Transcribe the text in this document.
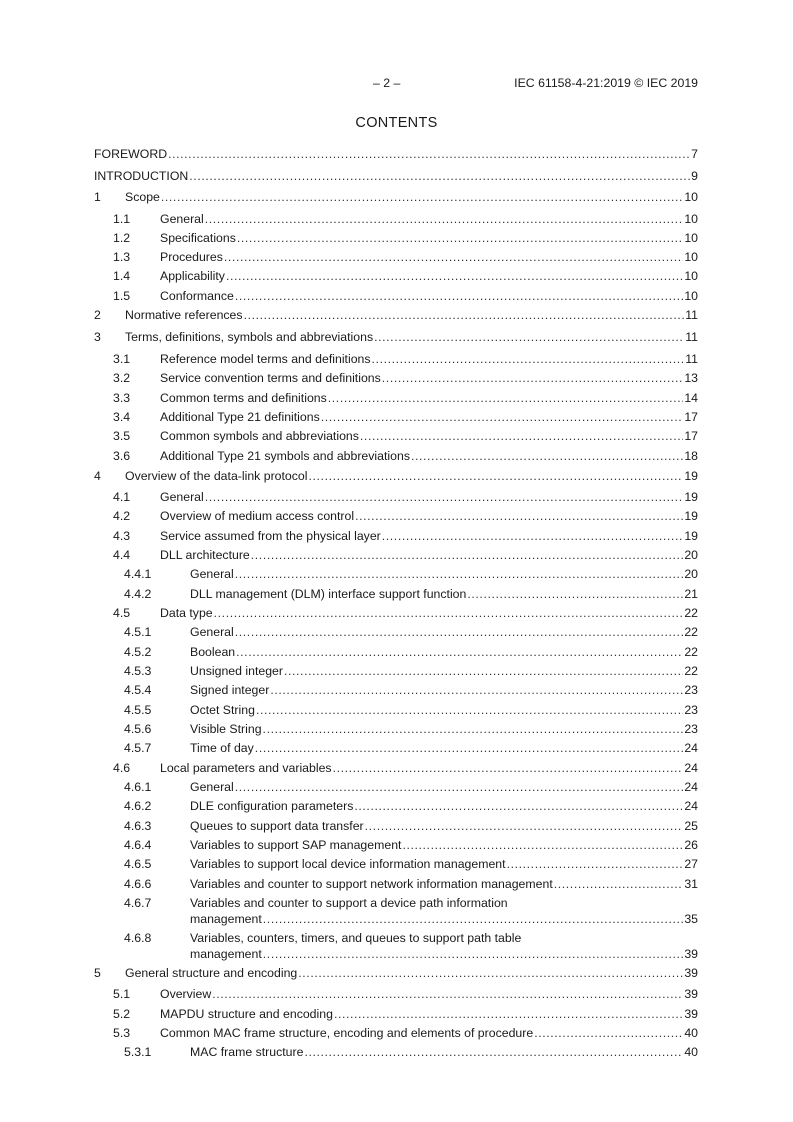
– 2 –	IEC 61158-4-21:2019 © IEC 2019
CONTENTS
FOREWORD .....	7
INTRODUCTION .....	9
1 Scope .....	10
1.1 General .....	10
1.2 Specifications .....	10
1.3 Procedures .....	10
1.4 Applicability .....	10
1.5 Conformance .....	10
2 Normative references .....	11
3 Terms, definitions, symbols and abbreviations .....	11
3.1 Reference model terms and definitions .....	11
3.2 Service convention terms and definitions .....	13
3.3 Common terms and definitions .....	14
3.4 Additional Type 21 definitions .....	17
3.5 Common symbols and abbreviations .....	17
3.6 Additional Type 21 symbols and abbreviations .....	18
4 Overview of the data-link protocol .....	19
4.1 General .....	19
4.2 Overview of medium access control .....	19
4.3 Service assumed from the physical layer .....	19
4.4 DLL architecture .....	20
4.4.1	General .....	20
4.4.2	DLL management (DLM) interface support function .....	21
4.5 Data type .....	22
4.5.1	General .....	22
4.5.2	Boolean .....	22
4.5.3	Unsigned integer .....	22
4.5.4	Signed integer .....	23
4.5.5	Octet String .....	23
4.5.6	Visible String .....	23
4.5.7	Time of day .....	24
4.6 Local parameters and variables .....	24
4.6.1	General .....	24
4.6.2	DLE configuration parameters .....	24
4.6.3	Queues to support data transfer .....	25
4.6.4	Variables to support SAP management .....	26
4.6.5	Variables to support local device information management .....	27
4.6.6	Variables and counter to support network information management .....	31
4.6.7	Variables and counter to support a device path information
management .....	35
4.6.8	Variables, counters, timers, and queues to support path table
management .....	39
5 General structure and encoding .....	39
5.1 Overview .....	39
5.2 MAPDU structure and encoding .....	39
5.3 Common MAC frame structure, encoding and elements of procedure .....	40
5.3.1	MAC frame structure .....	40
